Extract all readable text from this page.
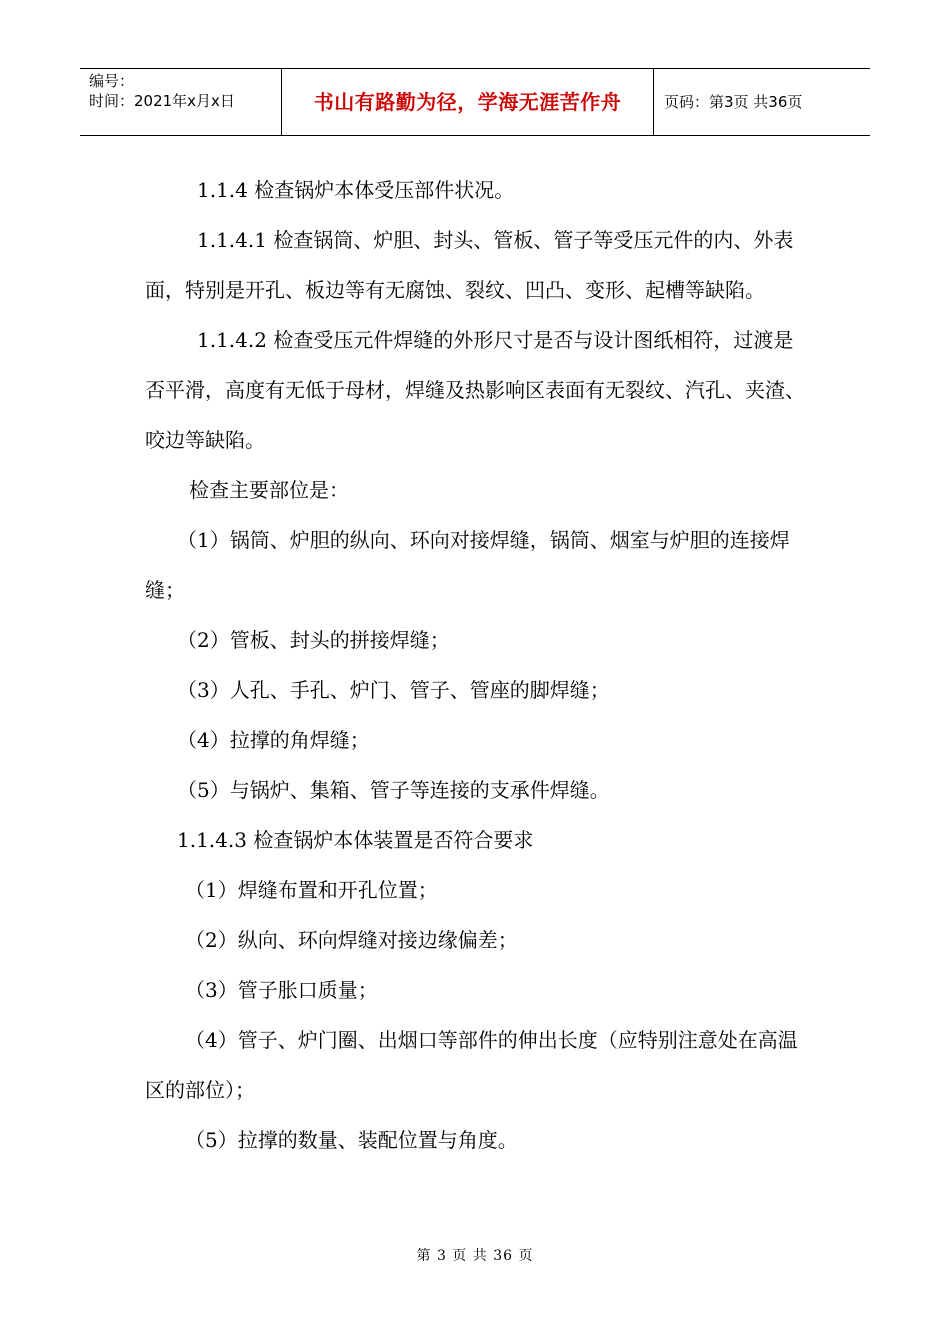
编号：
时间：2021年x月x日	书山有路勤为径，学海无涯苦作舟	页码：第3页 共36页

1.1.4 检查锅炉本体受压部件状况。

1.1.4.1 检查锅筒、炉胆、封头、管板、管子等受压元件的内、外表面，特别是开孔、板边等有无腐蚀、裂纹、凹凸、变形、起槽等缺陷。

1.1.4.2 检查受压元件焊缝的外形尺寸是否与设计图纸相符，过渡是否平滑，高度有无低于母材，焊缝及热影响区表面有无裂纹、汽孔、夹渣、咬边等缺陷。

检查主要部位是：

（1）锅筒、炉胆的纵向、环向对接焊缝，锅筒、烟室与炉胆的连接焊缝；

（2）管板、封头的拼接焊缝；

（3）人孔、手孔、炉门、管子、管座的脚焊缝；

（4）拉撑的角焊缝；

（5）与锅炉、集箱、管子等连接的支承件焊缝。

1.1.4.3 检查锅炉本体装置是否符合要求

（1）焊缝布置和开孔位置；

（2）纵向、环向焊缝对接边缘偏差；

（3）管子胀口质量；

（4）管子、炉门圈、出烟口等部件的伸出长度（应特别注意处在高温区的部位）；

（5）拉撑的数量、装配位置与角度。

第 3 页 共 36 页
